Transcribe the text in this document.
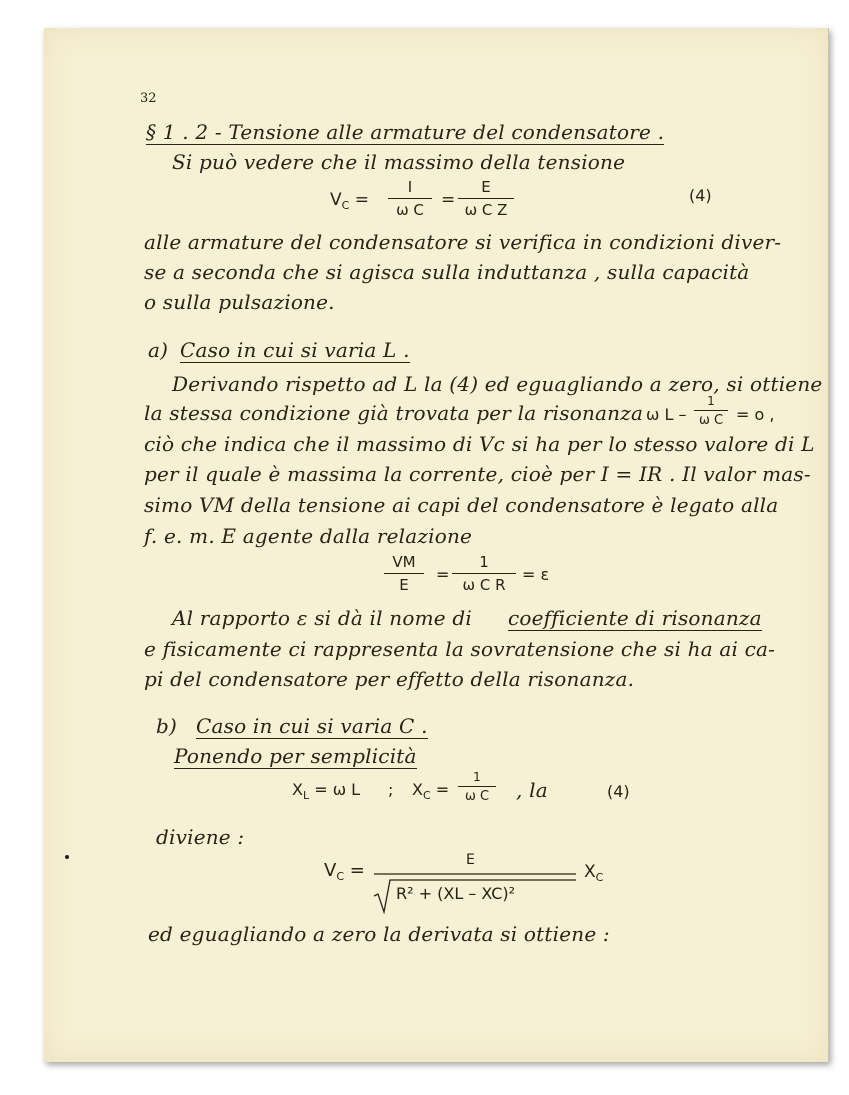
32
§ 1 . 2 - Tensione alle armature del condensatore .
Si può vedere che il massimo della tensione
$V_C$ =
I
ω C
=
E
ω C Z
(4)
alle armature del condensatore si verifica in condizioni diver-
se a seconda che si agisca sulla induttanza , sulla capacità
o sulla pulsazione.
a) Caso in cui si varia L .
Derivando rispetto ad L la (4) ed eguagliando a zero, si ottiene
la stessa condizione già trovata per la risonanza ω L –
1
ω C = o ,
ciò che indica che il massimo di Vc si ha per lo stesso valore di L
per il quale è massima la corrente, cioè per I = IR . Il valor mas-
simo VM della tensione ai capi del condensatore è legato alla
f. e. m. E agente dalla relazione
VM
E
=
1
ω C R
= ε
Al rapporto ε si dà il nome di coefficiente di risonanza
e fisicamente ci rappresenta la sovratensione che si ha ai ca-
pi del condensatore per effetto della risonanza.
b) Caso in cui si varia C .
Ponendo per semplicità
$X_L = \omega$ L ; $X_C$ =
1
ω C	, la	(4)
diviene :
$V_C$ =	E
R² + (XL – XC)²
$X_C$
ed eguagliando a zero la derivata si ottiene :
